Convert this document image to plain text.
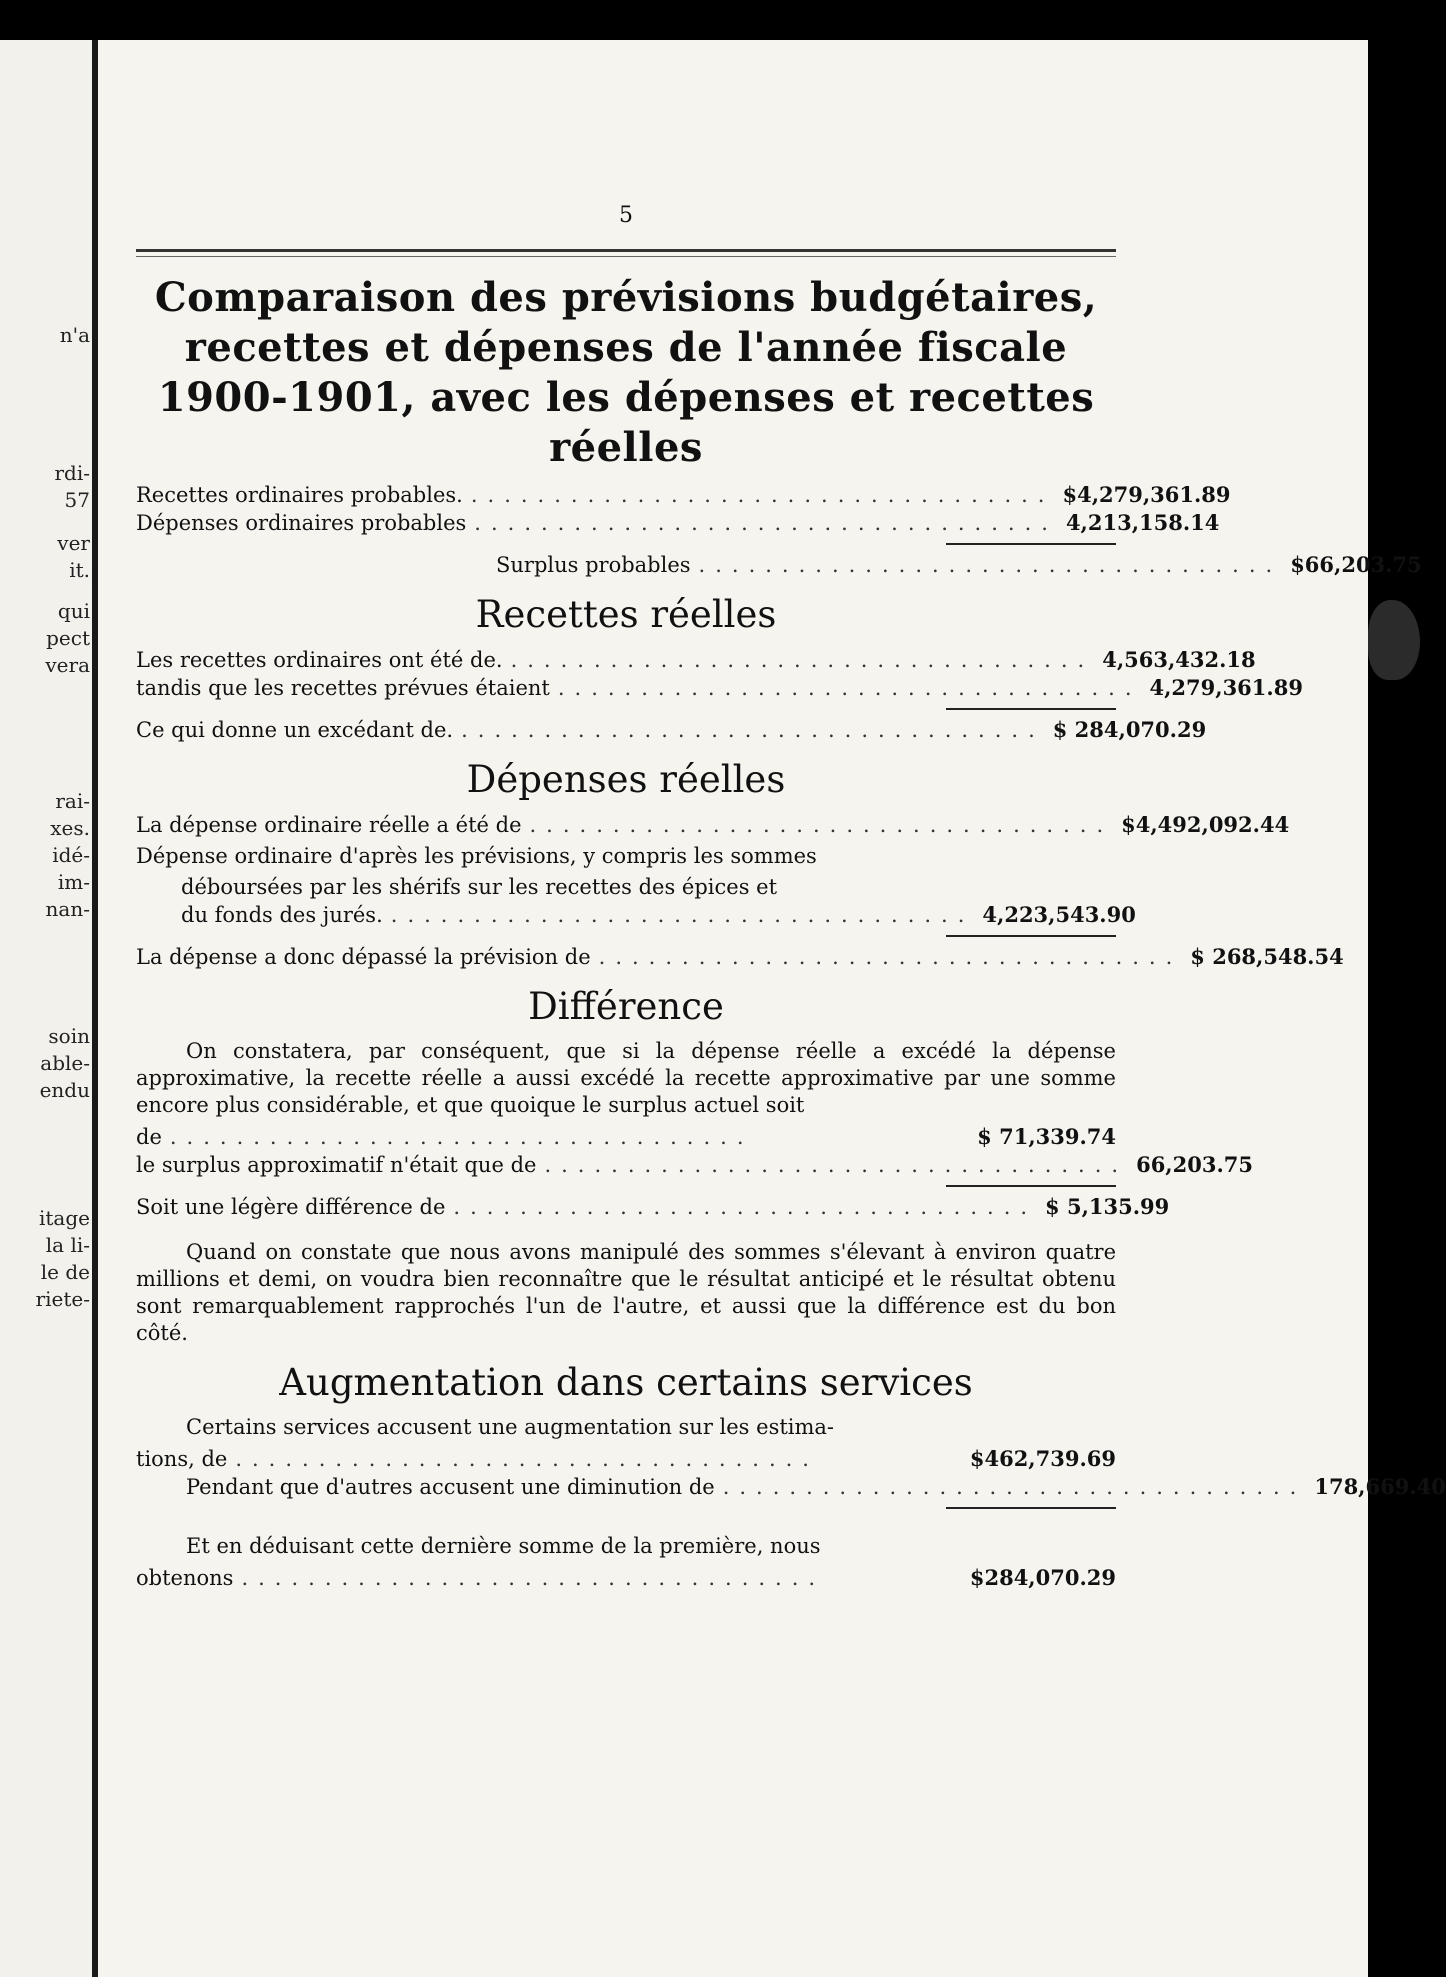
n'a
rdi-
57
ver
it.
qui
pect
vera
rai-
xes.
idé-
im-
nan-
soin
able-
endu
itage
la li-
le de
riete-
5
Comparaison des prévisions budgétaires, recettes et dépenses de l'année fiscale 1900-1901, avec les dépenses et recettes réelles
Recettes ordinaires probables. ................................... $4,279,361.89
Dépenses ordinaires probables ................................... 4,213,158.14
Surplus probables ................................... $66,203.75
Recettes réelles
Les recettes ordinaires ont été de. ................................... 4,563,432.18
tandis que les recettes prévues étaient ................................... 4,279,361.89
Ce qui donne un excédant de. ................................... $ 284,070.29
Dépenses réelles
La dépense ordinaire réelle a été de ................................... $4,492,092.44
Dépense ordinaire d'après les prévisions, y compris les sommes
déboursées par les shérifs sur les recettes des épices et
du fonds des jurés. ................................... 4,223,543.90
La dépense a donc dépassé la prévision de ................................... $ 268,548.54
Différence
On constatera, par conséquent, que si la dépense réelle a excédé la dépense approximative, la recette réelle a aussi excédé la recette approximative par une somme encore plus considérable, et que quoique le surplus actuel soit
de ...................................	$ 71,339.74
le surplus approximatif n'était que de ................................... 66,203.75
Soit une légère différence de ................................... $ 5,135.99
Quand on constate que nous avons manipulé des sommes s'élevant à environ quatre millions et demi, on voudra bien reconnaître que le résultat anticipé et le résultat obtenu sont remarquablement rapprochés l'un de l'autre, et aussi que la différence est du bon côté.
Augmentation dans certains services
Certains services accusent une augmentation sur les estima-
tions, de ...................................	$462,739.69
Pendant que d'autres accusent une diminution de ................................... 178,669.40
Et en déduisant cette dernière somme de la première, nous
obtenons ...................................	$284,070.29
